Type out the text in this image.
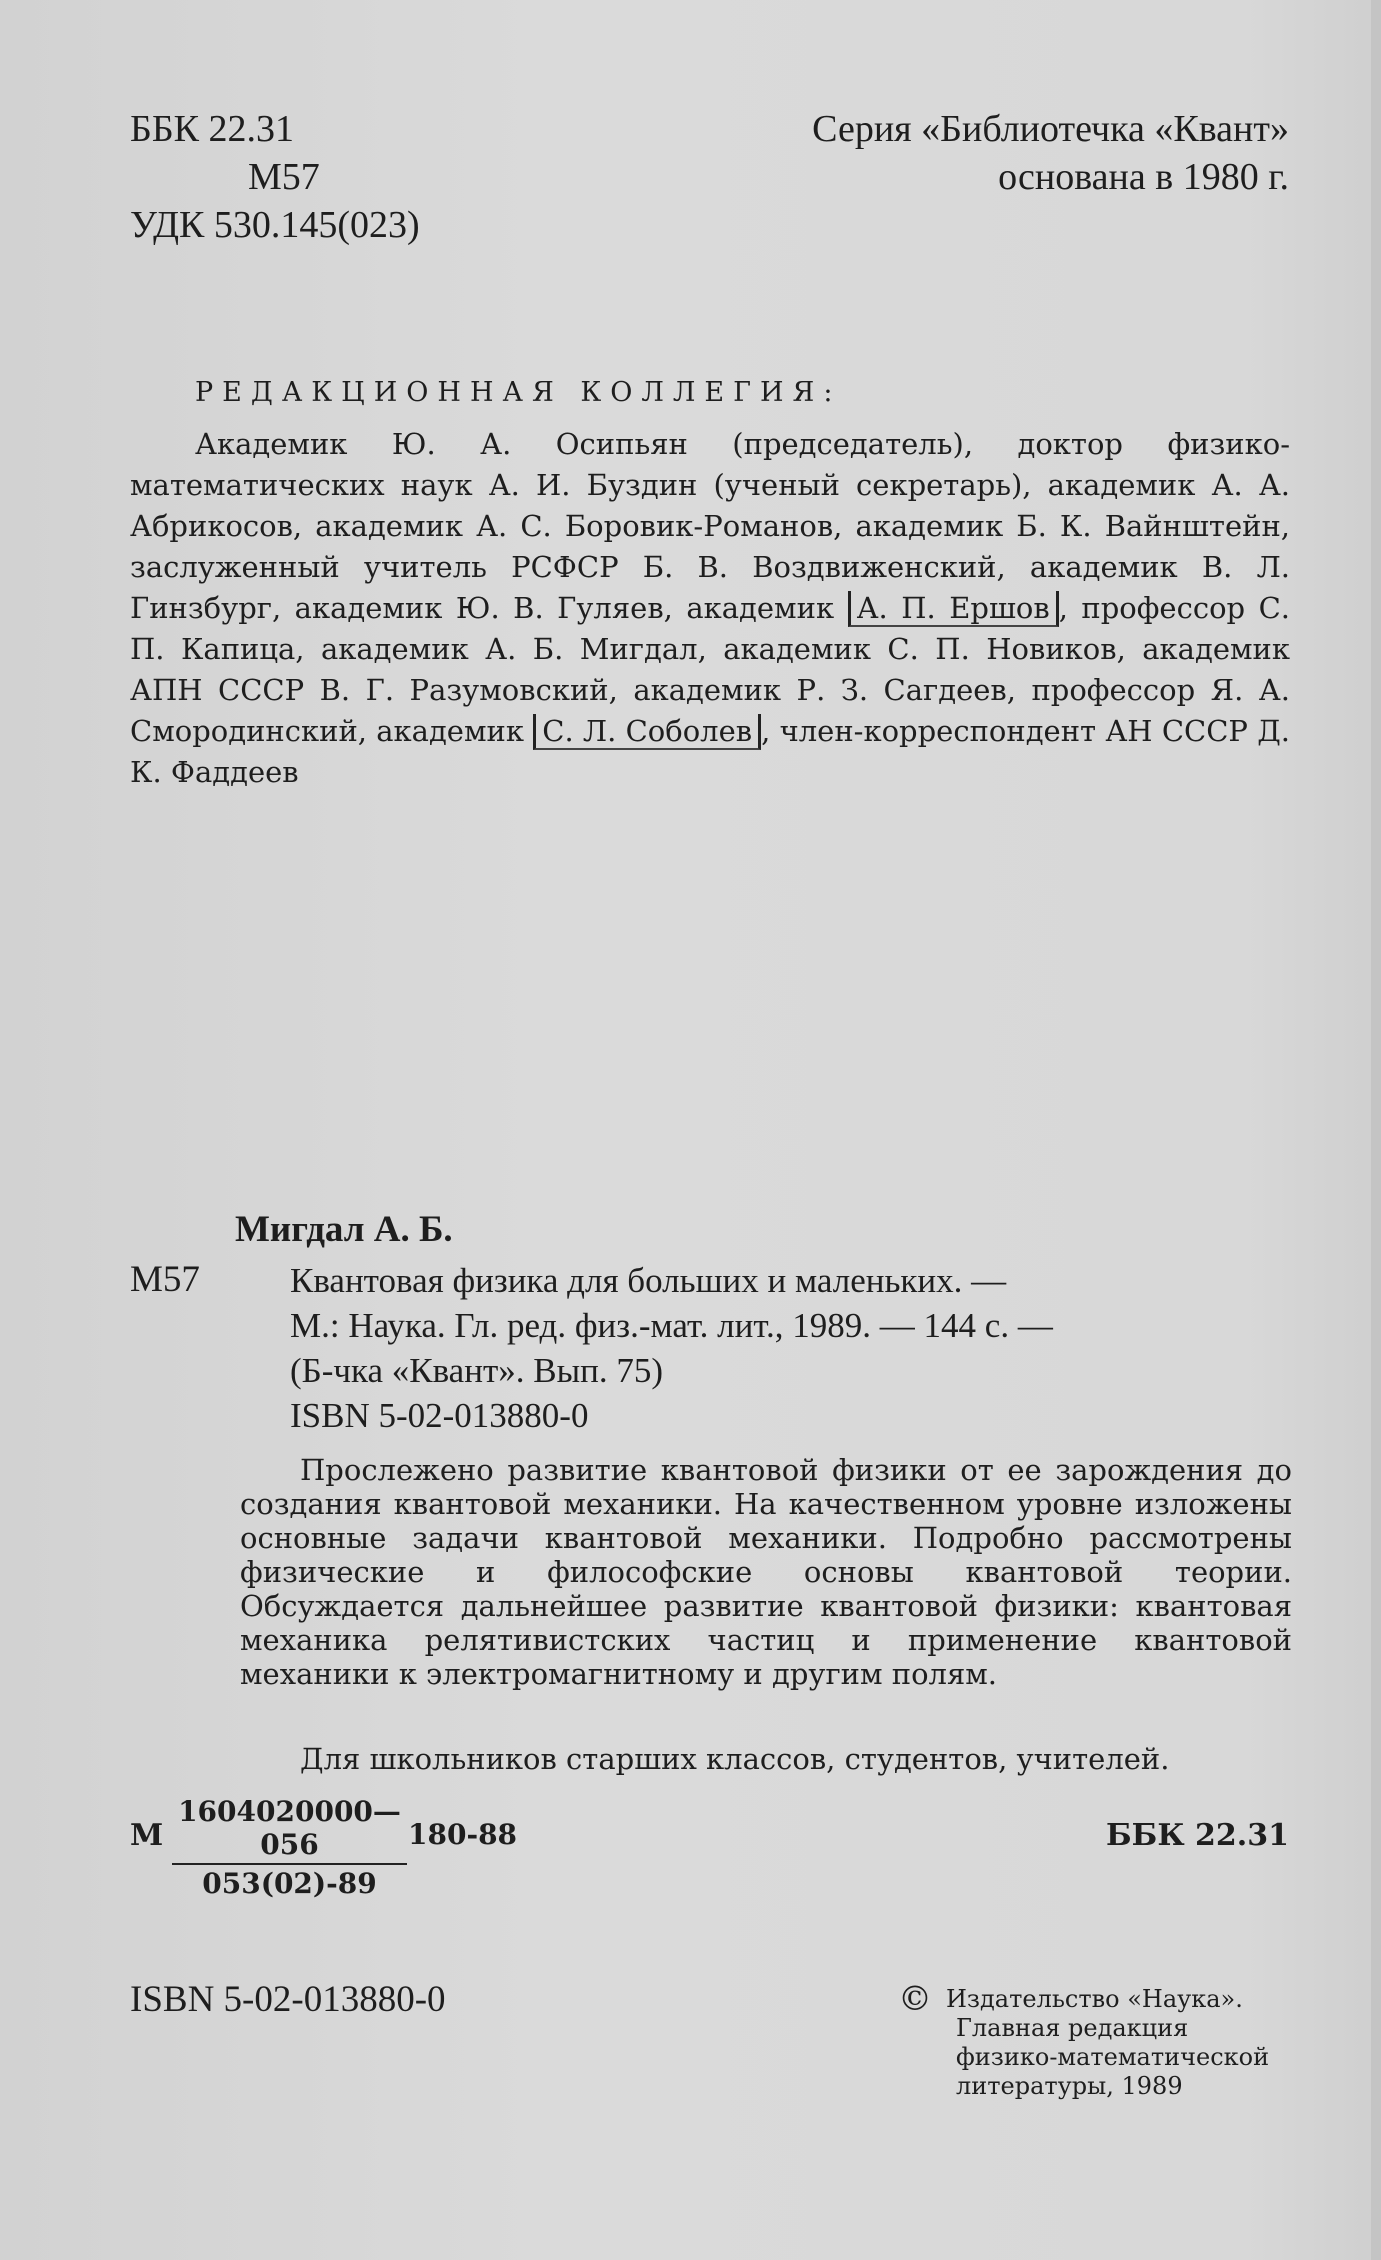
ББК 22.31
М57
УДК 530.145(023)
Серия «Библиотечка «Квант»
основана в 1980 г.
РЕДАКЦИОННАЯ КОЛЛЕГИЯ:
Академик Ю. А. Осипьян (председатель), доктор физико-математических наук А. И. Буздин (ученый секретарь), академик А. А. Абрикосов, академик А. С. Боровик-Романов, академик Б. К. Вайнштейн, заслуженный учитель РСФСР Б. В. Воздвиженский, академик В. Л. Гинзбург, академик Ю. В. Гуляев, академик А. П. Ершов , профессор С. П. Капица, академик А. Б. Мигдал, академик С. П. Новиков, академик АПН СССР В. Г. Разумовский, академик Р. З. Сагдеев, профессор Я. А. Смородинский, академик С. Л. Соболев , член-корреспондент АН СССР Д. К. Фаддеев
Мигдал А. Б.
М57	Квантовая физика для больших и маленьких. —
М.: Наука. Гл. ред. физ.-мат. лит., 1989. — 144 с. —
(Б-чка «Квант». Вып. 75)
ISBN 5-02-013880-0
Прослежено развитие квантовой физики от ее зарождения до создания квантовой механики. На качественном уровне изложены основные задачи квантовой механики. Подробно рассмотрены физические и философские основы квантовой теории. Обсуждается дальнейшее развитие квантовой физики: квантовая механика релятивистских частиц и применение квантовой механики к электромагнитному и другим полям.
Для школьников старших классов, студентов, учителей.
М $\frac{1604020000—056}{053(02)-89} 180-88$	ББК 22.31
ISBN 5-02-013880-0	© Издательство «Наука».
Главная редакция
физико-математической
литературы, 1989
